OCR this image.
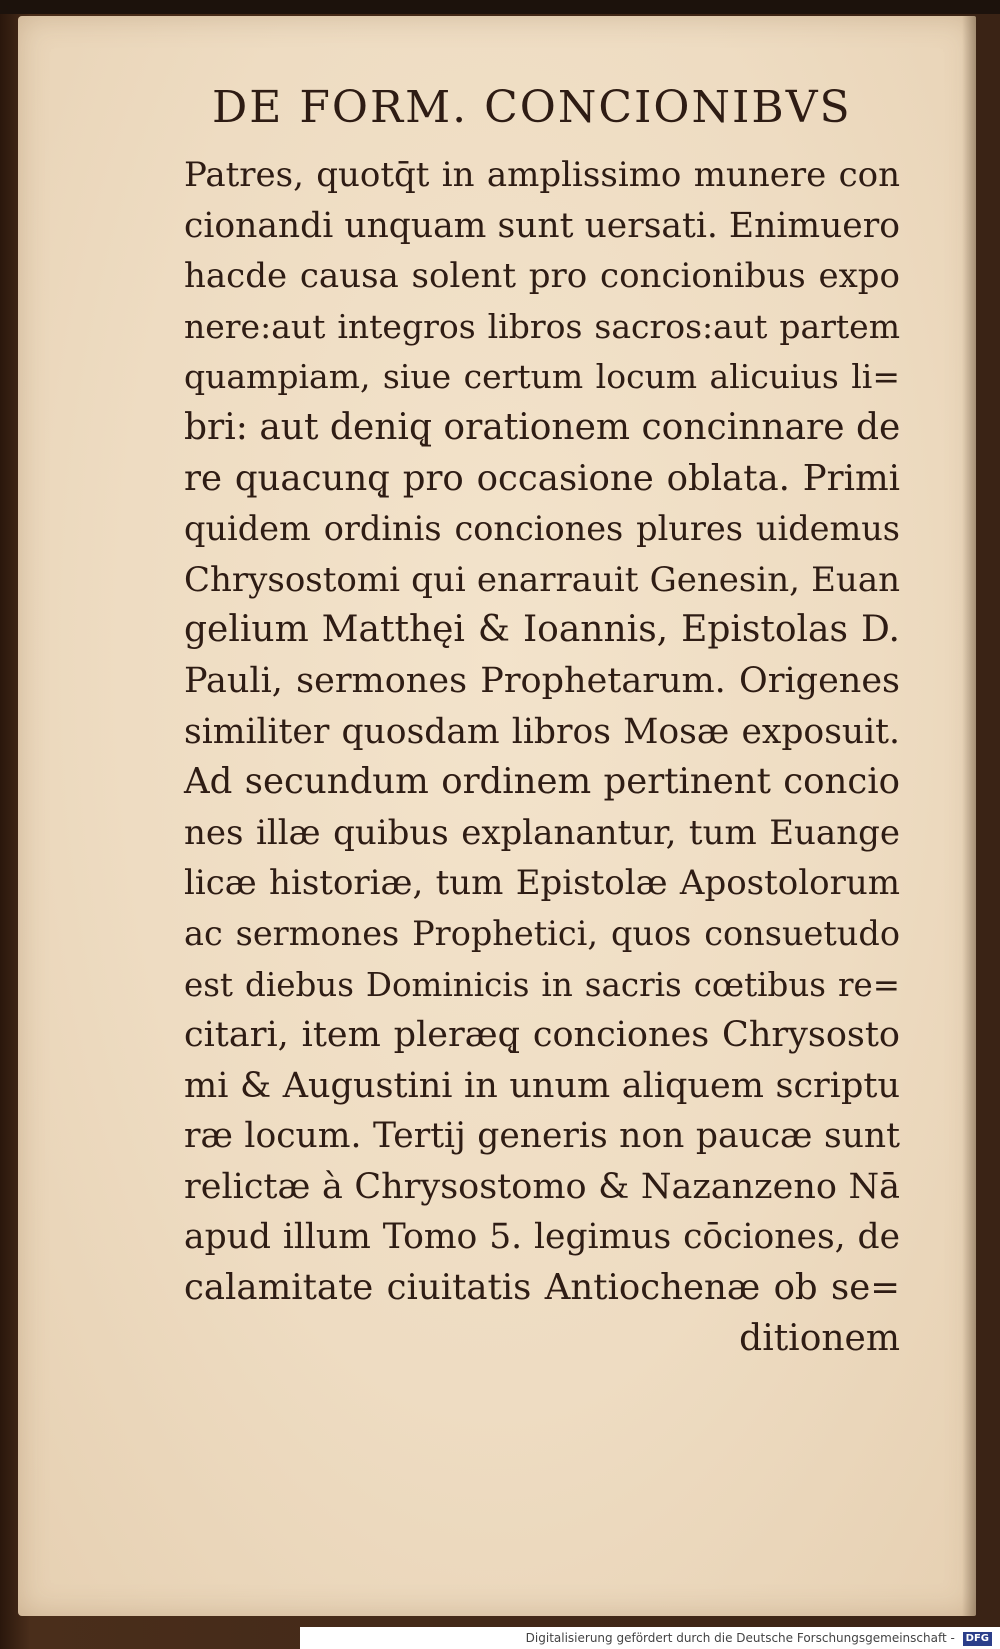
DE FORM. CONCIONIBVS
Patres, quotq̄t in amplissimo munere con
cionandi unquam sunt uersati. Enimuero
hacde causa solent pro concionibus expo
nere:aut integros libros sacros:aut partem
quampiam, siue certum locum alicuius li=
bri: aut deniq̨ orationem concinnare de
re quacunq̨ pro occasione oblata. Primi
quidem ordinis conciones plures uidemus
Chrysostomi qui enarrauit Genesin, Euan
gelium Matthęi & Ioannis, Epistolas D.
Pauli, sermones Prophetarum. Origenes
similiter quosdam libros Mosæ exposuit.
Ad secundum ordinem pertinent concio
nes illæ quibus explanantur, tum Euange
licæ historiæ, tum Epistolæ Apostolorum
ac sermones Prophetici, quos consuetudo
est diebus Dominicis in sacris cœtibus re=
citari, item pleræq̨ conciones Chrysosto
mi & Augustini in unum aliquem scriptu
ræ locum. Tertij generis non paucæ sunt
relictæ à Chrysostomo & Nazanzeno Nā
apud illum Tomo 5. legimus cōciones, de
calamitate ciuitatis Antiochenæ ob se=
ditionem
Digitalisierung gefördert durch die Deutsche Forschungsgemeinschaft - DFG
